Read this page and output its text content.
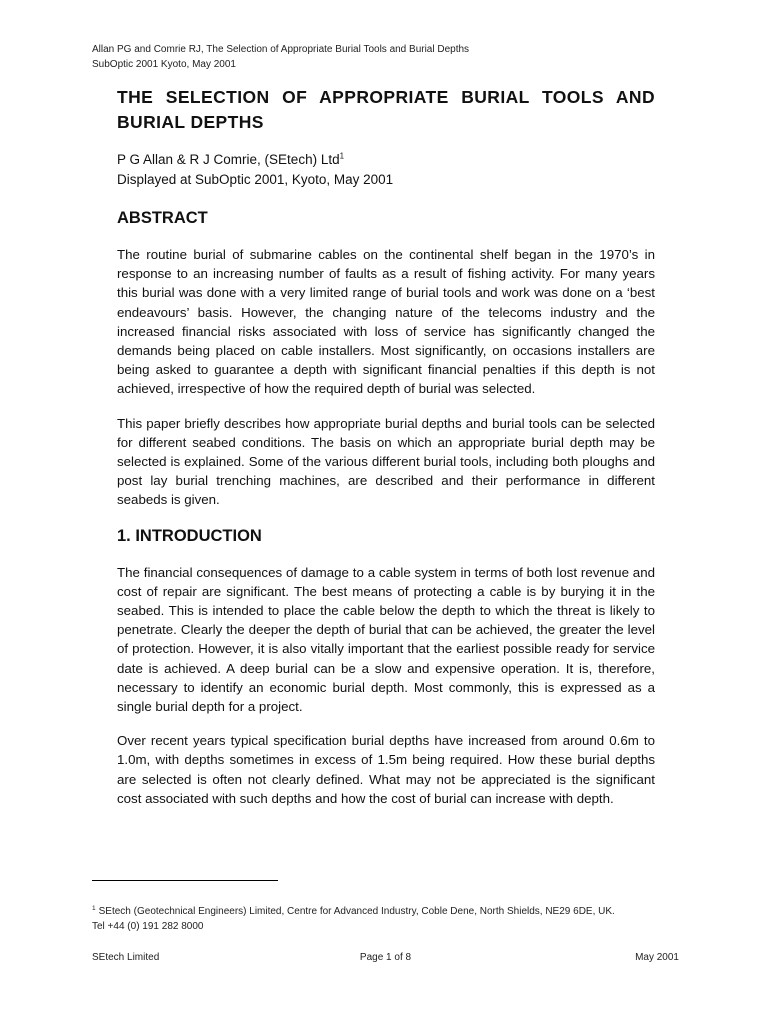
Allan PG and Comrie RJ, The Selection of Appropriate Burial Tools and Burial Depths
SubOptic 2001 Kyoto, May 2001
THE SELECTION OF APPROPRIATE BURIAL TOOLS AND BURIAL DEPTHS
P G Allan & R J Comrie, (SEtech) Ltd$^1$
Displayed at SubOptic 2001, Kyoto, May 2001
ABSTRACT

The routine burial of submarine cables on the continental shelf began in the 1970’s in response to an increasing number of faults as a result of fishing activity. For many years this burial was done with a very limited range of burial tools and work was done on a ‘best endeavours’ basis. However, the changing nature of the telecoms industry and the increased financial risks associated with loss of service has significantly changed the demands being placed on cable installers. Most significantly, on occasions installers are being asked to guarantee a depth with significant financial penalties if this depth is not achieved, irrespective of how the required depth of burial was selected.

This paper briefly describes how appropriate burial depths and burial tools can be selected for different seabed conditions. The basis on which an appropriate burial depth may be selected is explained. Some of the various different burial tools, including both ploughs and post lay burial trenching machines, are described and their performance in different seabeds is given.

1. INTRODUCTION

The financial consequences of damage to a cable system in terms of both lost revenue and cost of repair are significant. The best means of protecting a cable is by burying it in the seabed. This is intended to place the cable below the depth to which the threat is likely to penetrate. Clearly the deeper the depth of burial that can be achieved, the greater the level of protection. However, it is also vitally important that the earliest possible ready for service date is achieved. A deep burial can be a slow and expensive operation. It is, therefore, necessary to identify an economic burial depth. Most commonly, this is expressed as a single burial depth for a project.

Over recent years typical specification burial depths have increased from around 0.6m to 1.0m, with depths sometimes in excess of 1.5m being required. How these burial depths are selected is often not clearly defined. What may not be appreciated is the significant cost associated with such depths and how the cost of burial can increase with depth.

$^1$ SEtech (Geotechnical Engineers) Limited, Centre for Advanced Industry, Coble Dene, North Shields, NE29 6DE, UK.
Tel +44 (0) 191 282 8000
SEtech Limited	Page 1 of 8	May 2001
